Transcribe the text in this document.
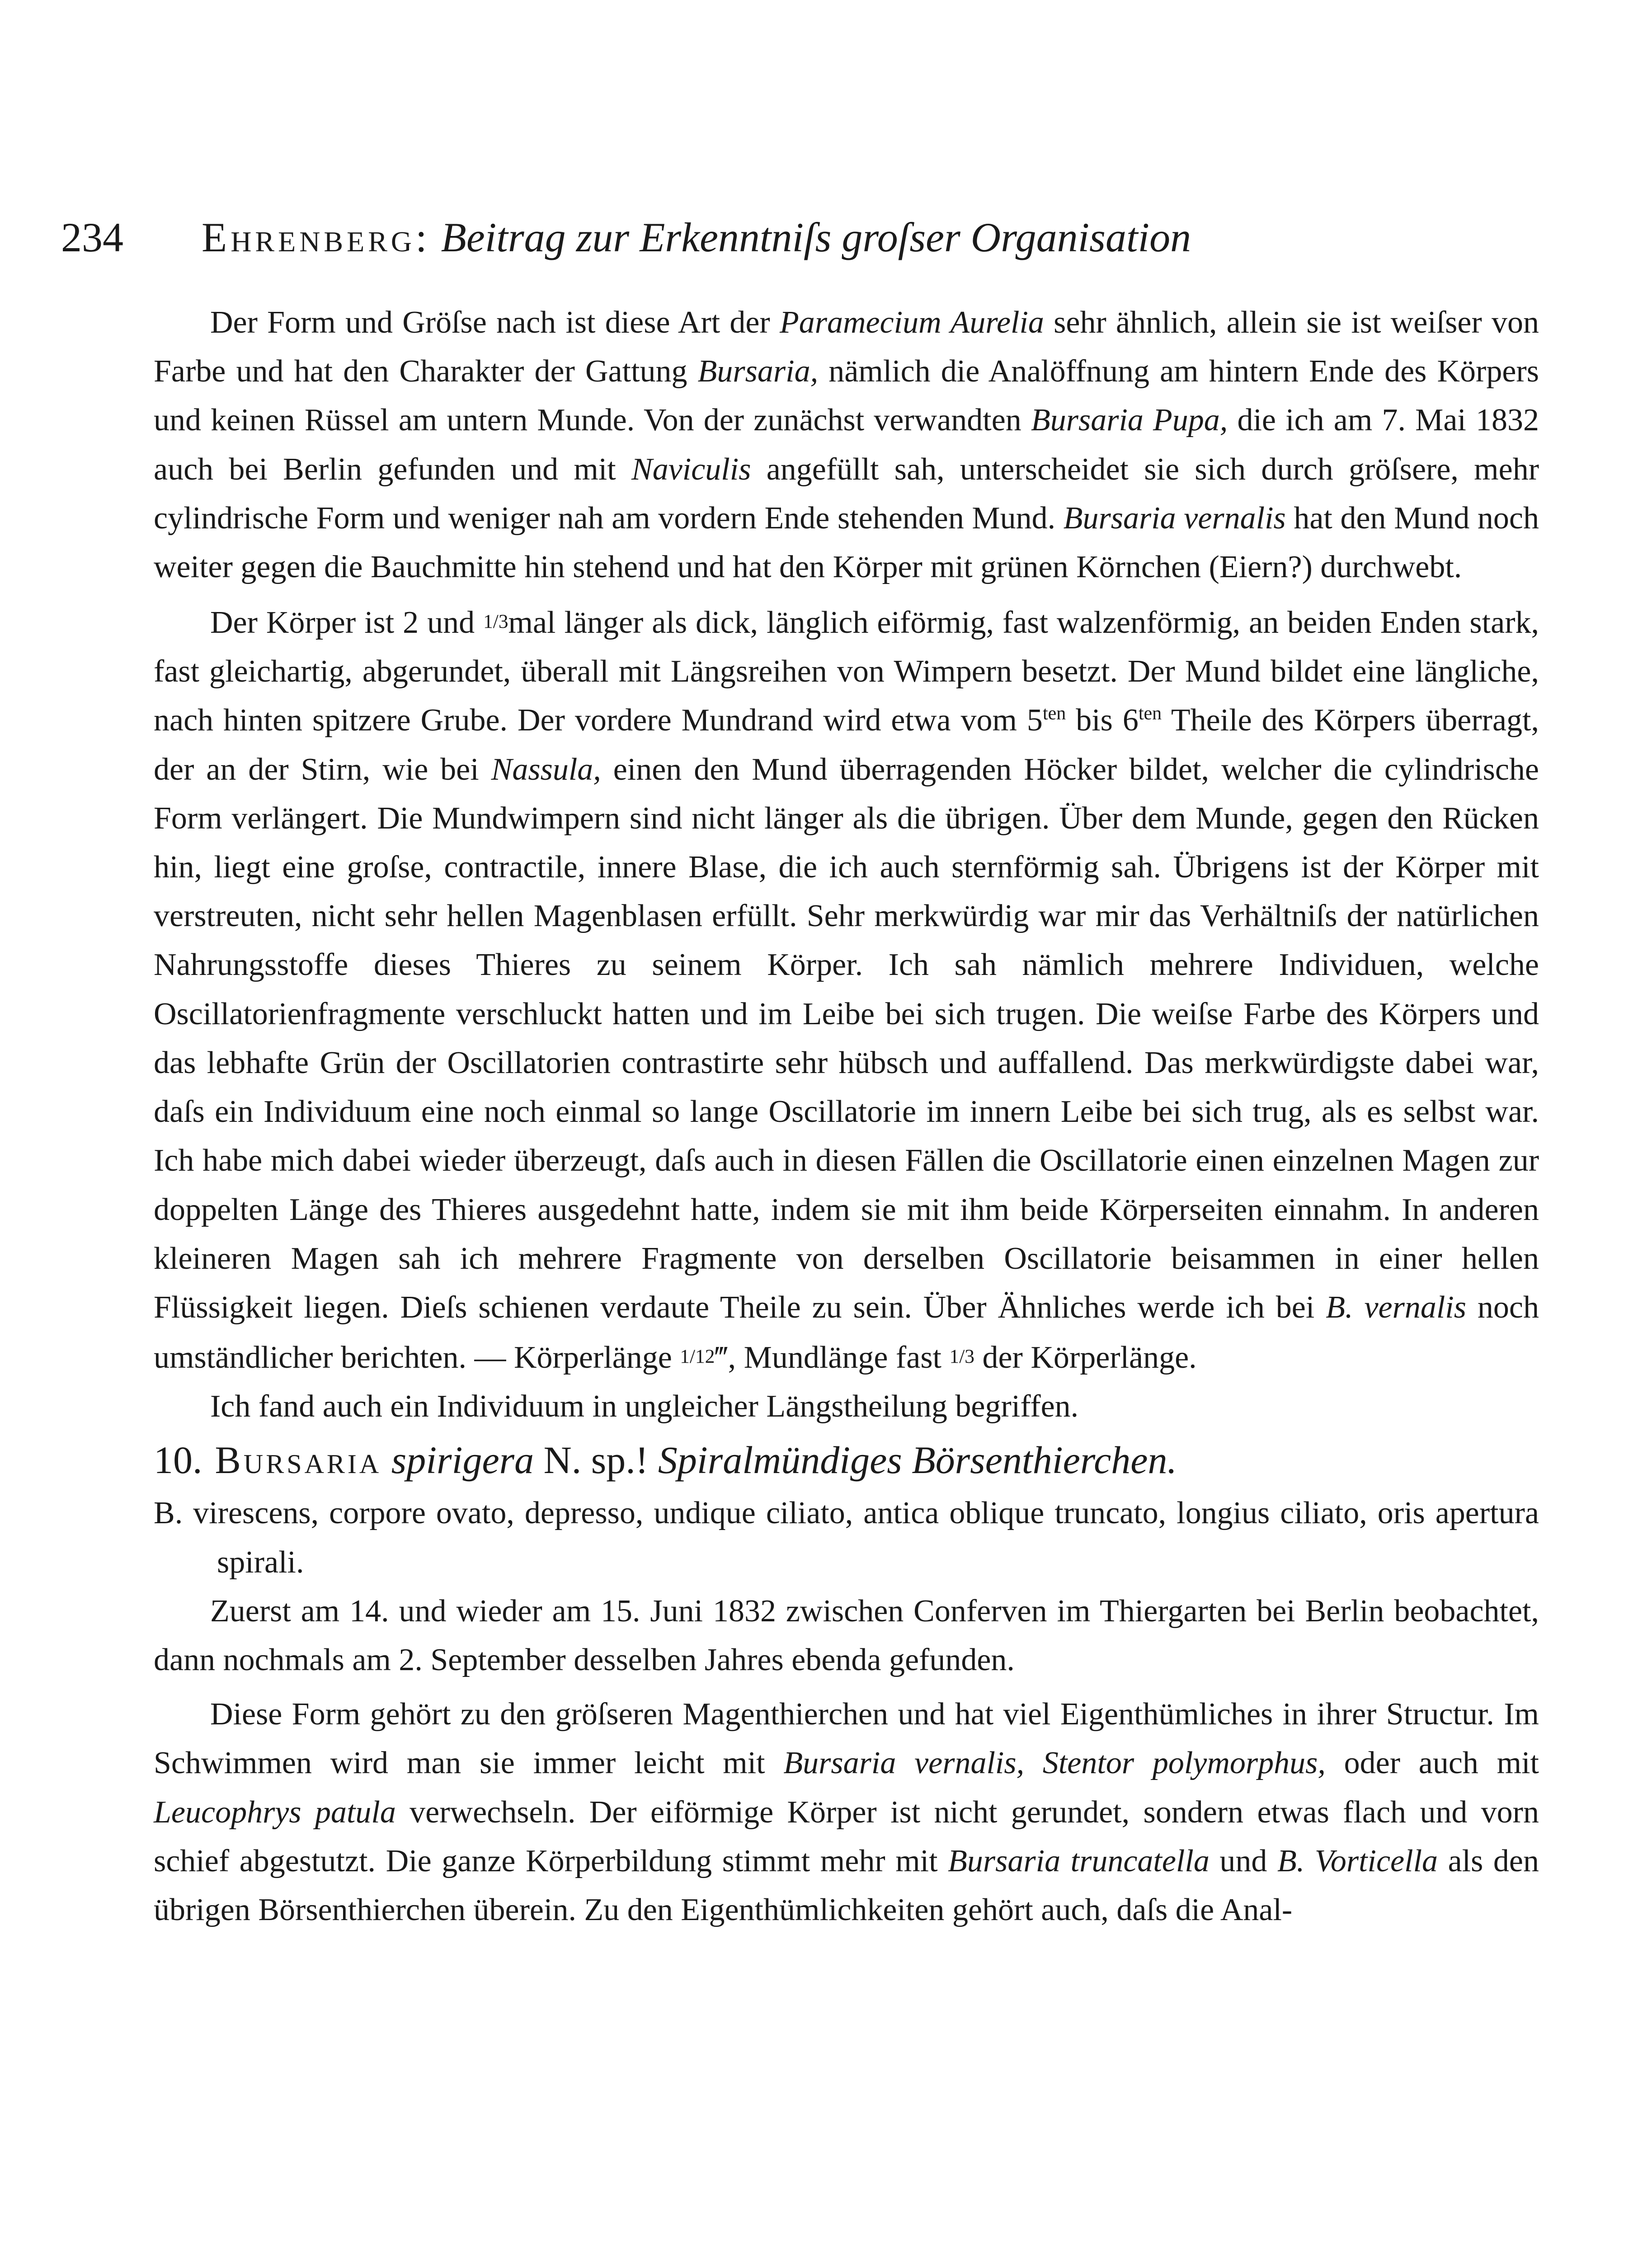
234 Ehrenberg: Beitrag zur Erkenntniſs groſser Organisation

Der Form und Gröſse nach ist diese Art der Paramecium Aurelia sehr ähnlich, allein sie ist weiſser von Farbe und hat den Charakter der Gattung Bursaria, nämlich die Analöffnung am hintern Ende des Körpers und keinen Rüssel am untern Munde. Von der zunächst verwandten Bursaria Pupa, die ich am 7. Mai 1832 auch bei Berlin gefunden und mit Naviculis angefüllt sah, unterscheidet sie sich durch gröſsere, mehr cylindrische Form und weniger nah am vordern Ende stehenden Mund. Bursaria vernalis hat den Mund noch weiter gegen die Bauchmitte hin stehend und hat den Körper mit grünen Körnchen (Eiern?) durchwebt.

Der Körper ist 2 und 1/3mal länger als dick, länglich eiförmig, fast walzenförmig, an beiden Enden stark, fast gleichartig, abgerundet, überall mit Längsreihen von Wimpern besetzt. Der Mund bildet eine längliche, nach hinten spitzere Grube. Der vordere Mundrand wird etwa vom $5^{ten}$ bis $6^{ten}$ Theile des Körpers überragt, der an der Stirn, wie bei Nassula, einen den Mund überragenden Höcker bildet, welcher die cylindrische Form verlängert. Die Mundwimpern sind nicht länger als die übrigen. Über dem Munde, gegen den Rücken hin, liegt eine groſse, contractile, innere Blase, die ich auch sternförmig sah. Übrigens ist der Körper mit verstreuten, nicht sehr hellen Magenblasen erfüllt. Sehr merkwürdig war mir das Verhältniſs der natürlichen Nahrungsstoffe dieses Thieres zu seinem Körper. Ich sah nämlich mehrere Individuen, welche Oscillatorienfragmente verschluckt hatten und im Leibe bei sich trugen. Die weiſse Farbe des Körpers und das lebhafte Grün der Oscillatorien contrastirte sehr hübsch und auffallend. Das merkwürdigste dabei war, daſs ein Individuum eine noch einmal so lange Oscillatorie im innern Leibe bei sich trug, als es selbst war. Ich habe mich dabei wieder überzeugt, daſs auch in diesen Fällen die Oscillatorie einen einzelnen Magen zur doppelten Länge des Thieres ausgedehnt hatte, indem sie mit ihm beide Körperseiten einnahm. In anderen kleineren Magen sah ich mehrere Fragmente von derselben Oscillatorie beisammen in einer hellen Flüssigkeit liegen. Dieſs schienen verdaute Theile zu sein. Über Ähnliches werde ich bei B. vernalis noch umständlicher berichten. — Körperlänge 1/12‴, Mundlänge fast 1/3 der Körperlänge.

Ich fand auch ein Individuum in ungleicher Längstheilung begriffen.

10. Bursaria spirigera N. sp.! Spiralmündiges Börsenthierchen.

B. virescens, corpore ovato, depresso, undique ciliato, antica oblique truncato, longius ciliato, oris apertura spirali.

Zuerst am 14. und wieder am 15. Juni 1832 zwischen Conferven im Thiergarten bei Berlin beobachtet, dann nochmals am 2. September desselben Jahres ebenda gefunden.

Diese Form gehört zu den gröſseren Magenthierchen und hat viel Eigenthümliches in ihrer Structur. Im Schwimmen wird man sie immer leicht mit Bursaria vernalis, Stentor polymorphus, oder auch mit Leucophrys patula verwechseln. Der eiförmige Körper ist nicht gerundet, sondern etwas flach und vorn schief abgestutzt. Die ganze Körperbildung stimmt mehr mit Bursaria truncatella und B. Vorticella als den übrigen Börsenthierchen überein. Zu den Eigenthümlichkeiten gehört auch, daſs die Anal-
